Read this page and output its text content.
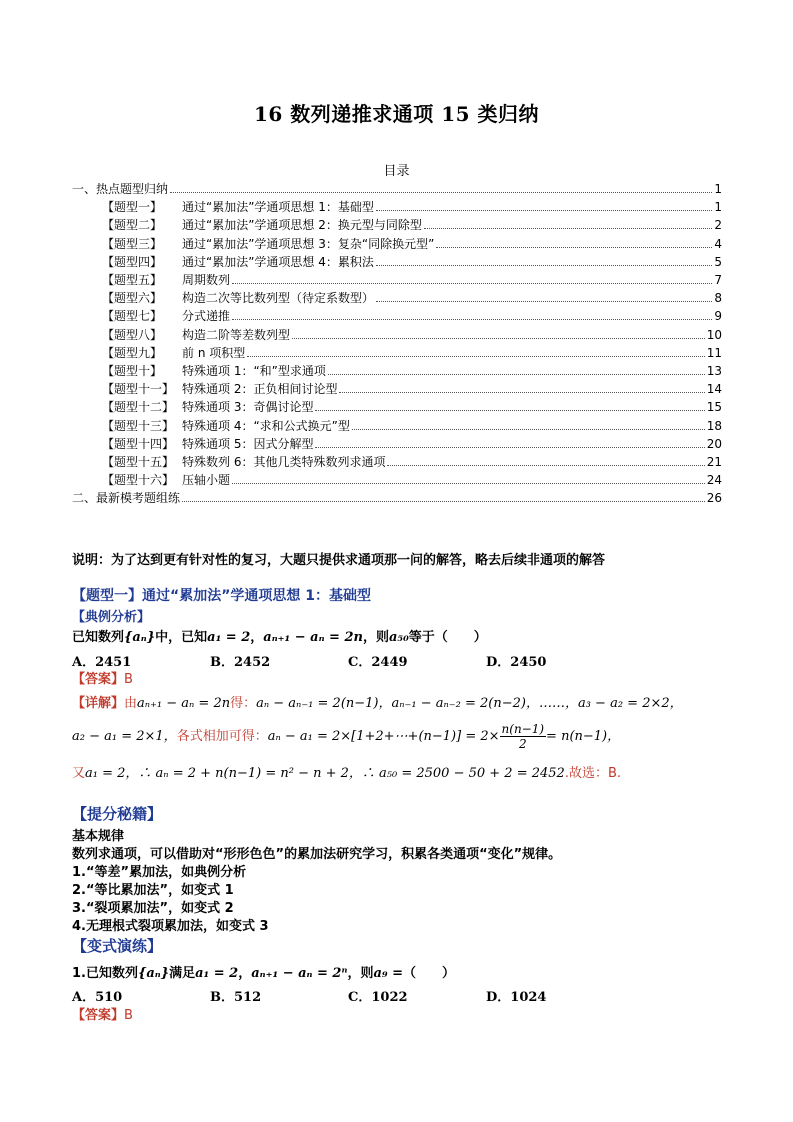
16 数列递推求通项 15 类归纳
目录
一、热点题型归纳	1
【题型一】 通过“累加法”学通项思想 1：基础型	1
【题型二】 通过“累加法”学通项思想 2：换元型与同除型	2
【题型三】 通过“累加法”学通项思想 3：复杂“同除换元型”	4
【题型四】 通过“累加法”学通项思想 4：累积法	5
【题型五】 周期数列	7
【题型六】 构造二次等比数列型（待定系数型）	8
【题型七】 分式递推	9
【题型八】 构造二阶等差数列型	10
【题型九】 前 n 项积型	11
【题型十】 特殊通项 1：“和”型求通项	13
【题型十一】 特殊通项 2：正负相间讨论型	14
【题型十二】 特殊通项 3：奇偶讨论型	15
【题型十三】 特殊通项 4：“求和公式换元”型	18
【题型十四】 特殊通项 5：因式分解型	20
【题型十五】 特殊数列 6：其他几类特殊数列求通项	21
【题型十六】 压轴小题	24
二、最新模考题组练	26
说明：为了达到更有针对性的复习，大题只提供求通项那一问的解答，略去后续非通项的解答
【题型一】通过“累加法”学通项思想 1：基础型
【典例分析】
已知数列{aₙ}中，已知a₁ = 2，aₙ₊₁ − aₙ = 2n，则a₅₀等于（　　）
A．2451	B．2452	C．2449	D．2450
【答案】B
【详解】由aₙ₊₁ − aₙ = 2n得：aₙ − aₙ₋₁ = 2(n−1)，aₙ₋₁ − aₙ₋₂ = 2(n−2)，……，a₃ − a₂ = 2×2，
a₂ − a₁ = 2×1，各式相加可得：aₙ − a₁ = 2×[1+2+⋯+(n−1)] = $2\times \frac{n(n-1)}{2} = n(n-1)$，
又a₁ = 2，∴ aₙ = 2 + n(n−1) = n² − n + 2，∴ a₅₀ = 2500 − 50 + 2 = 2452.故选：B.
【提分秘籍】
基本规律
数列求通项，可以借助对“形形色色”的累加法研究学习，积累各类通项“变化”规律。
1.“等差”累加法，如典例分析
2.“等比累加法”，如变式 1
3.“裂项累加法”，如变式 2
4.无理根式裂项累加法，如变式 3
【变式演练】
1.已知数列{aₙ}满足a₁ = 2，aₙ₊₁ − aₙ = 2ⁿ，则a₉ =（　　）
A．510	B．512	C．1022	D．1024
【答案】B
